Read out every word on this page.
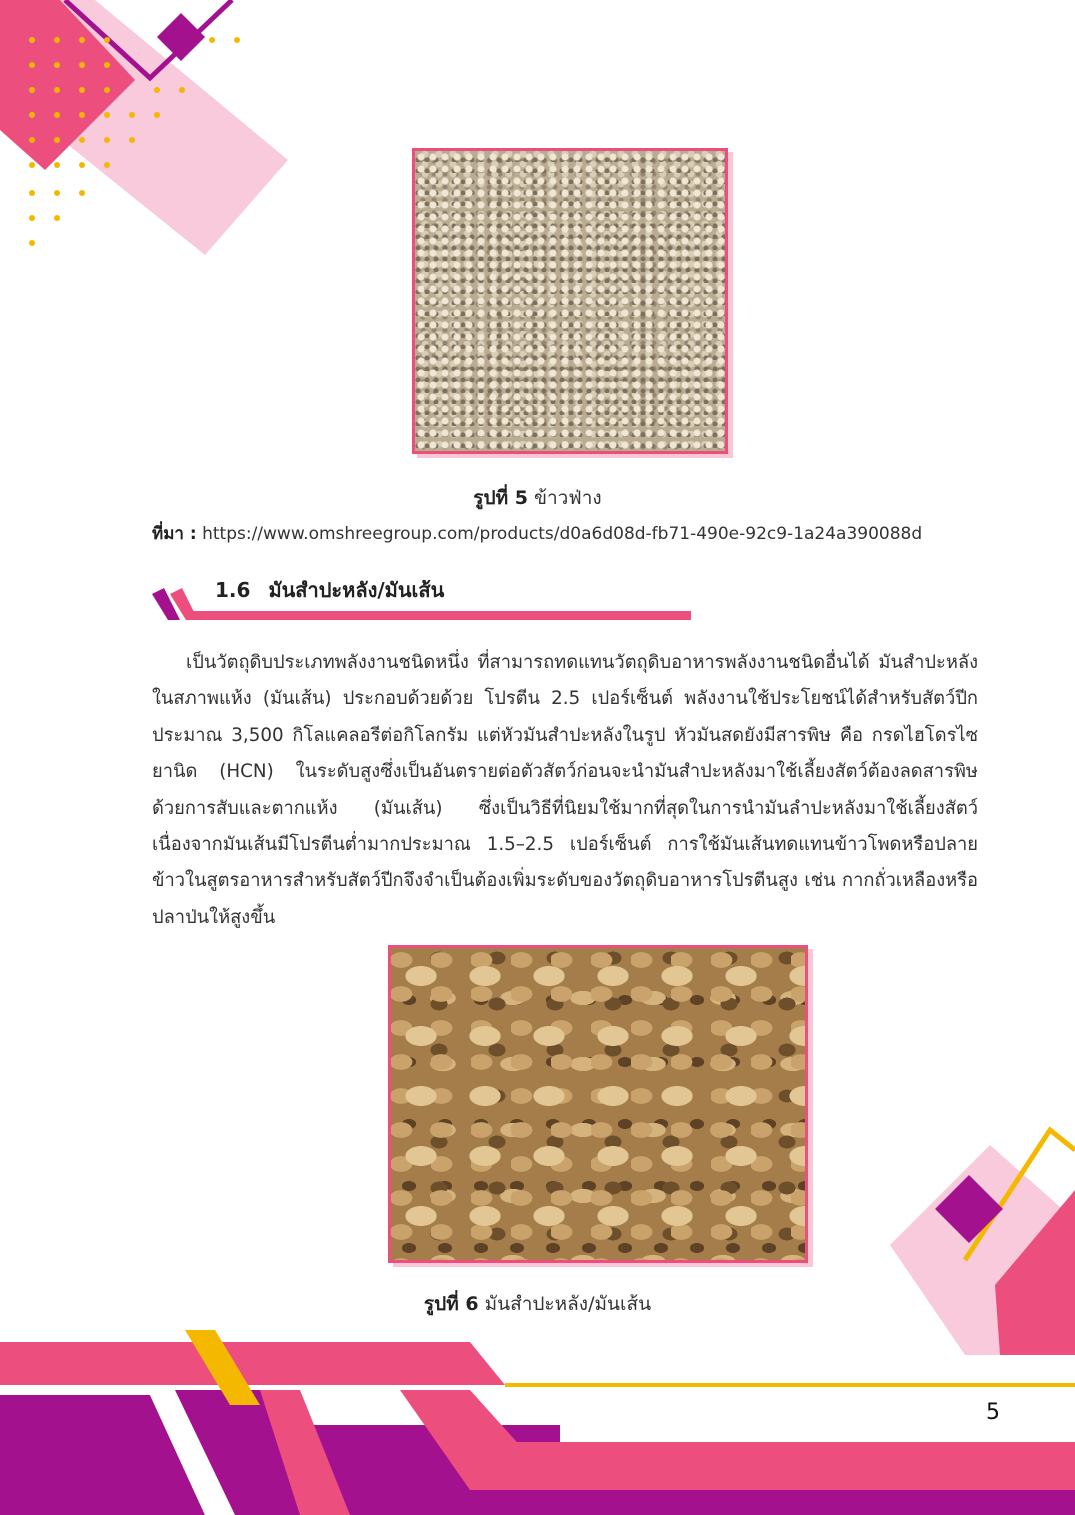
รูปที่ 5 ข้าวฟ่าง
ที่มา : https://www.omshreegroup.com/products/d0a6d08d-fb71-490e-92c9-1a24a390088d
1.6 มันสำปะหลัง/มันเส้น

เป็นวัตถุดิบประเภทพลังงานชนิดหนึ่ง ที่สามารถทดแทนวัตถุดิบอาหารพลังงานชนิดอื่นได้ มันสำปะหลังในสภาพแห้ง (มันเส้น) ประกอบด้วยด้วย โปรตีน 2.5 เปอร์เซ็นต์ พลังงานใช้ประโยชน์ได้สำหรับสัตว์ปีกประมาณ 3,500 กิโลแคลอรีต่อกิโลกรัม แต่หัวมันสำปะหลังในรูป หัวมันสดยังมีสารพิษ คือ กรดไฮโดรไซยานิด (HCN) ในระดับสูงซึ่งเป็นอันตรายต่อตัวสัตว์ก่อนจะนำมันสำปะหลังมาใช้เลี้ยงสัตว์ต้องลดสารพิษ ด้วยการสับและตากแห้ง (มันเส้น) ซึ่งเป็นวิธีที่นิยมใช้มากที่สุดในการนำมันลำปะหลังมาใช้เลี้ยงสัตว์ เนื่องจากมันเส้นมีโปรตีนต่ำมากประมาณ 1.5–2.5 เปอร์เซ็นต์ การใช้มันเส้นทดแทนข้าวโพดหรือปลายข้าวในสูตรอาหารสำหรับสัตว์ปีกจึงจำเป็นต้องเพิ่มระดับของวัตถุดิบอาหารโปรตีนสูง เช่น กากถั่วเหลืองหรือปลาป่นให้สูงขึ้น

รูปที่ 6 มันสำปะหลัง/มันเส้น
5
